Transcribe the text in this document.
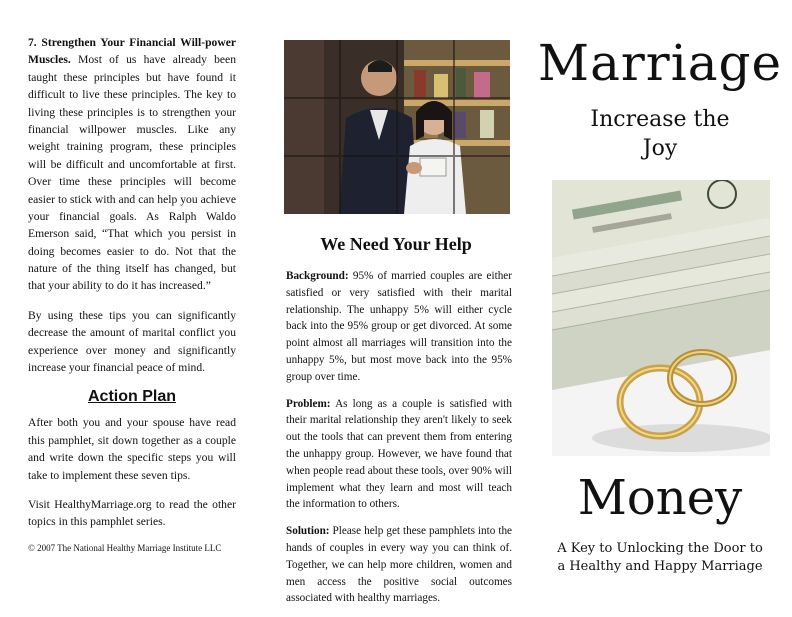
7. Strengthen Your Financial Will-power Muscles. Most of us have already been taught these principles but have found it difficult to live these principles. The key to living these principles is to strengthen your financial willpower muscles. Like any weight training program, these principles will be difficult and uncomfortable at first. Over time these principles will become easier to stick with and can help you achieve your financial goals. As Ralph Waldo Emerson said, “That which you persist in doing becomes easier to do. Not that the nature of the thing itself has changed, but that your ability to do it has increased.”

By using these tips you can significantly decrease the amount of marital conflict you experience over money and significantly increase your financial peace of mind.

Action Plan

After both you and your spouse have read this pamphlet, sit down together as a couple and write down the specific steps you will take to implement these seven tips.

Visit HealthyMarriage.org to read the other topics in this pamphlet series.

© 2007 The National Healthy Marriage Institute LLC
We Need Your Help

Background: 95% of married couples are either satisfied or very satisfied with their marital relationship. The unhappy 5% will either cycle back into the 95% group or get divorced. At some point almost all marriages will transition into the unhappy 5%, but most move back into the 95% group over time.

Problem: As long as a couple is satisfied with their marital relationship they aren't likely to seek out the tools that can prevent them from entering the unhappy group. However, we have found that when people read about these tools, over 90% will implement what they learn and most will teach the information to others.

Solution: Please help get these pamphlets into the hands of couples in every way you can think of. Together, we can help more children, women and men access the positive social outcomes associated with healthy marriages.

Marriage
Increase the
Joy
Money
A Key to Unlocking the Door to
a Healthy and Happy Marriage
